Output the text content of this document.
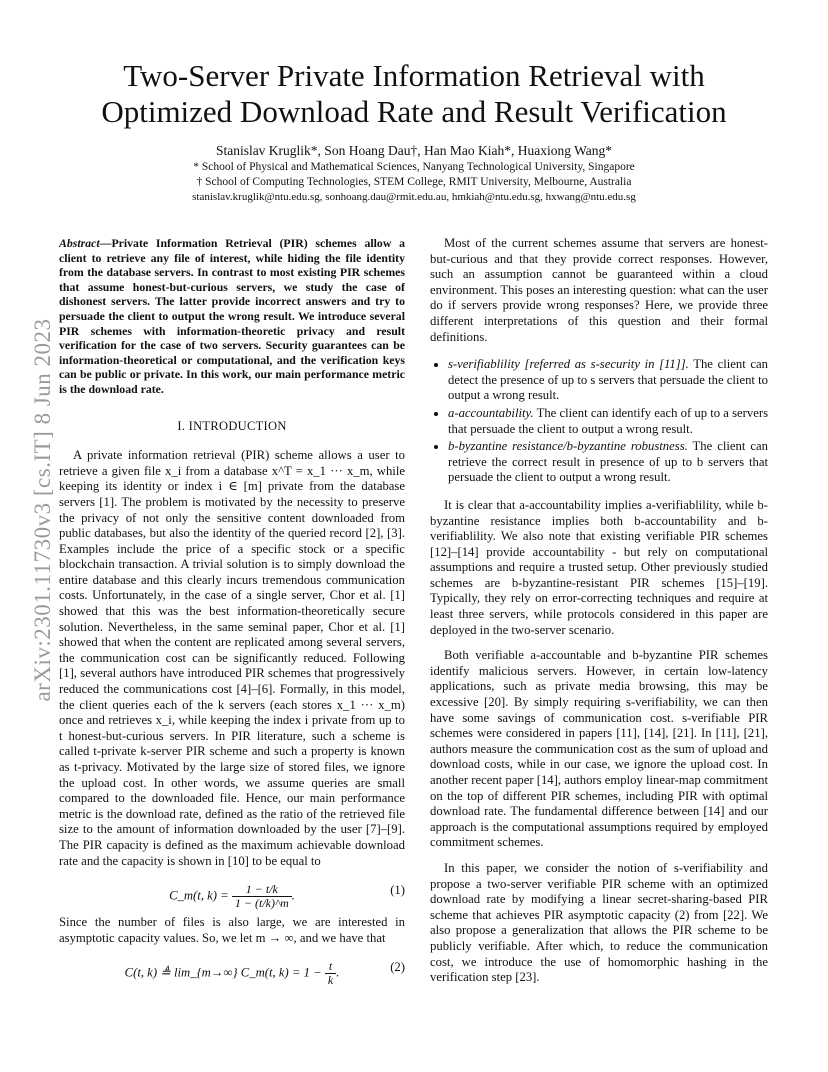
Two-Server Private Information Retrieval with
Optimized Download Rate and Result Verification
Stanislav Kruglik*, Son Hoang Dau†, Han Mao Kiah*, Huaxiong Wang*
* School of Physical and Mathematical Sciences, Nanyang Technological University, Singapore
† School of Computing Technologies, STEM College, RMIT University, Melbourne, Australia
stanislav.kruglik@ntu.edu.sg, sonhoang.dau@rmit.edu.au, hmkiah@ntu.edu.sg, hxwang@ntu.edu.sg
arXiv:2301.11730v3 [cs.IT] 8 Jun 2023

Abstract—Private Information Retrieval (PIR) schemes allow a client to retrieve any file of interest, while hiding the file identity from the database servers. In contrast to most existing PIR schemes that assume honest-but-curious servers, we study the case of dishonest servers. The latter provide incorrect answers and try to persuade the client to output the wrong result. We introduce several PIR schemes with information-theoretic privacy and result verification for the case of two servers. Security guarantees can be information-theoretical or computational, and the verification keys can be public or private. In this work, our main performance metric is the download rate.

I. INTRODUCTION

A private information retrieval (PIR) scheme allows a user to retrieve a given file x_i from a database x^T = x_1 ··· x_m, while keeping its identity or index i ∈ [m] private from the database servers [1]. The problem is motivated by the necessity to preserve the privacy of not only the sensitive content downloaded from public databases, but also the identity of the queried record [2], [3]. Examples include the price of a specific stock or a specific blockchain transaction. A trivial solution is to simply download the entire database and this clearly incurs tremendous communication costs. Unfortunately, in the case of a single server, Chor et al. [1] showed that this was the best information-theoretically secure solution. Nevertheless, in the same seminal paper, Chor et al. [1] showed that when the content are replicated among several servers, the communication cost can be significantly reduced. Following [1], several authors have introduced PIR schemes that progressively reduced the communications cost [4]–[6]. Formally, in this model, the client queries each of the k servers (each stores x_1 ··· x_m) once and retrieves x_i, while keeping the index i private from up to t honest-but-curious servers. In PIR literature, such a scheme is called t-private k-server PIR scheme and such a property is known as t-privacy. Motivated by the large size of stored files, we ignore the upload cost. In other words, we assume queries are small compared to the downloaded file. Hence, our main performance metric is the download rate, defined as the ratio of the retrieved file size to the amount of information downloaded by the user [7]–[9]. The PIR capacity is defined as the maximum achievable download rate and the capacity is shown in [10] to be equal to

C_m(t, $k) = \frac{1 - t/k}{1 - (t/k)\^{}m}$ .	(1)

Since the number of files is also large, we are interested in asymptotic capacity values. So, we let m → ∞, and we have that

C(t, k) ≜ lim_{m→∞} C_m(t, $k) = 1 - \frac{t}{k}$ .	(2)

Most of the current schemes assume that servers are honest-but-curious and that they provide correct responses. However, such an assumption cannot be guaranteed within a cloud environment. This poses an interesting question: what can the user do if servers provide wrong responses? Here, we provide three different interpretations of this question and their formal definitions.

• s-verifiablility [referred as s-security in [11]]. The client can detect the presence of up to s servers that persuade the client to output a wrong result.
• a-accountability. The client can identify each of up to a servers that persuade the client to output a wrong result.
• b-byzantine resistance/b-byzantine robustness. The client can retrieve the correct result in presence of up to b servers that persuade the client to output a wrong result.

It is clear that a-accountability implies a-verifiablility, while b-byzantine resistance implies both b-accountability and b-verifiablility. We also note that existing verifiable PIR schemes [12]–[14] provide accountability - but rely on computational assumptions and require a trusted setup. Other previously studied schemes are b-byzantine-resistant PIR schemes [15]–[19]. Typically, they rely on error-correcting techniques and require at least three servers, while protocols considered in this paper are deployed in the two-server scenario.

Both verifiable a-accountable and b-byzantine PIR schemes identify malicious servers. However, in certain low-latency applications, such as private media browsing, this may be excessive [20]. By simply requiring s-verifiability, we can then have some savings of communication cost. s-verifiable PIR schemes were considered in papers [11], [14], [21]. In [11], [21], authors measure the communication cost as the sum of upload and download costs, while in our case, we ignore the upload cost. In another recent paper [14], authors employ linear-map commitment on the top of different PIR schemes, including PIR with optimal download rate. The fundamental difference between [14] and our approach is the computational assumptions required by employed commitment schemes.

In this paper, we consider the notion of s-verifiability and propose a two-server verifiable PIR scheme with an optimized download rate by modifying a linear secret-sharing-based PIR scheme that achieves PIR asymptotic capacity (2) from [22]. We also propose a generalization that allows the PIR scheme to be publicly verifiable. After which, to reduce the communication cost, we introduce the use of homomorphic hashing in the verification step [23].
